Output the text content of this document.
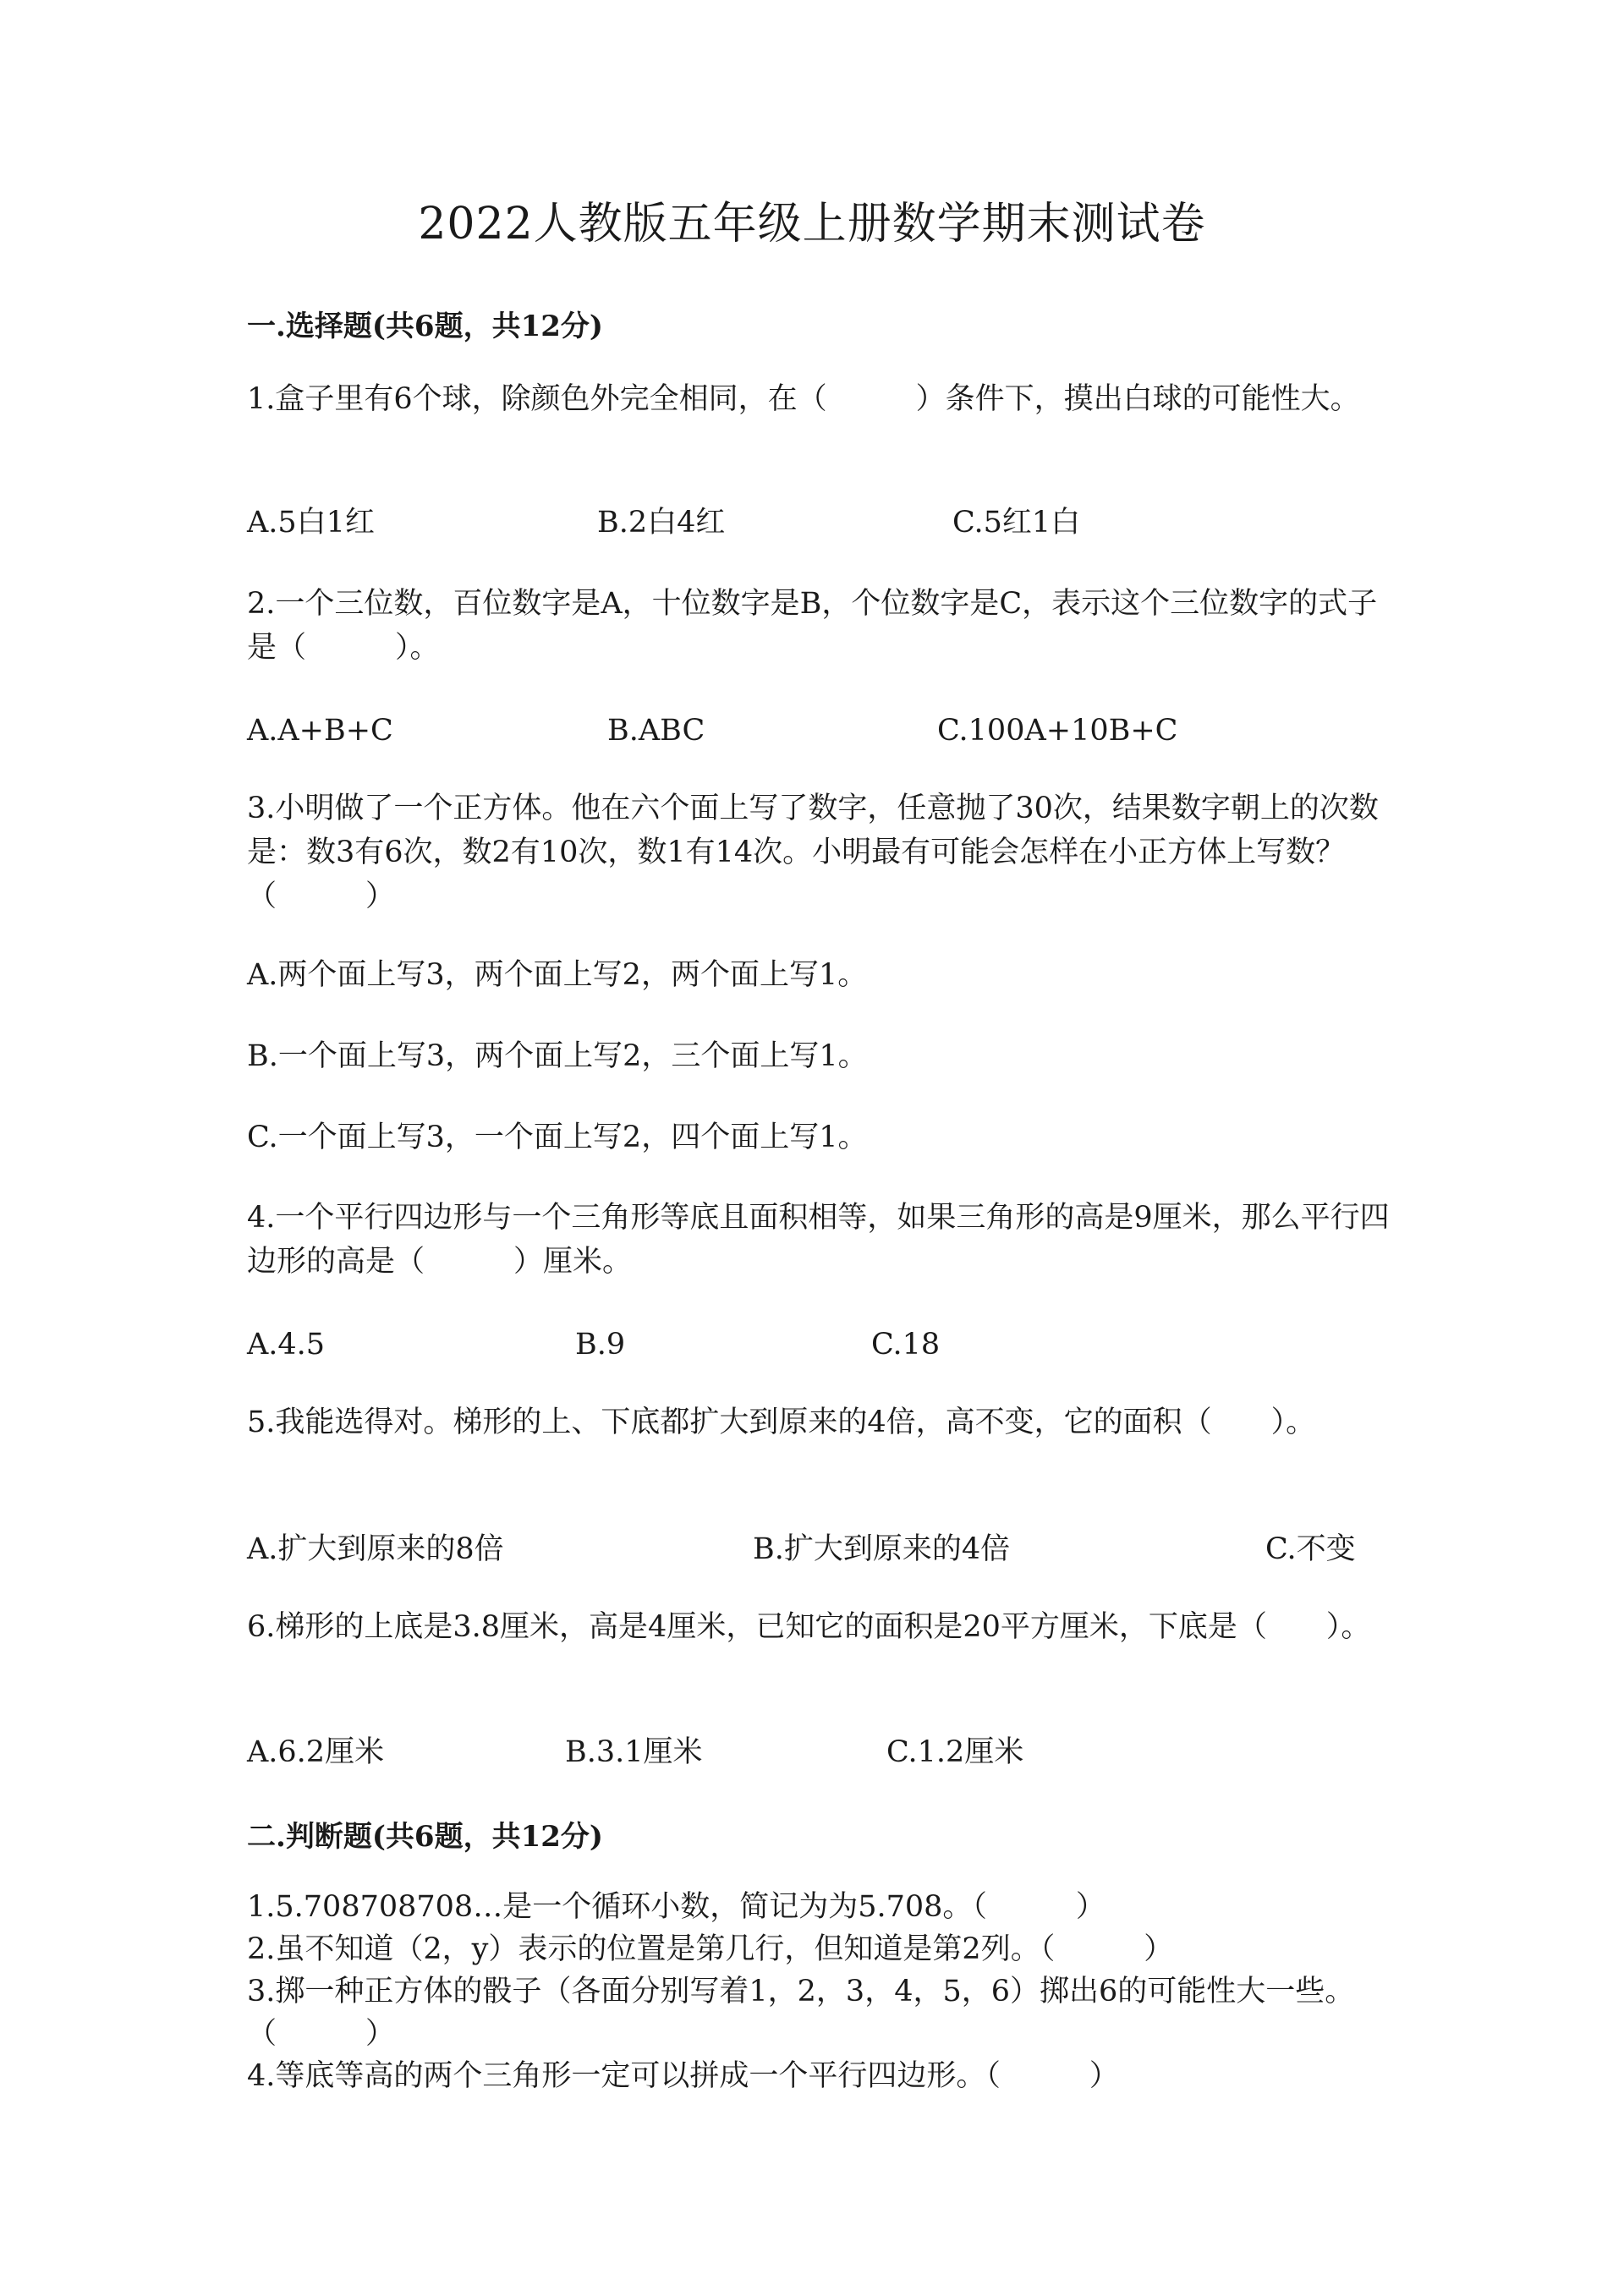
2022人教版五年级上册数学期末测试卷
一.选择题(共6题，共12分)

1.盒子里有6个球，除颜色外完全相同，在（　　　）条件下，摸出白球的可能性大。

A.5白1红	B.2白4红	C.5红1白

2.一个三位数，百位数字是A，十位数字是B，个位数字是C，表示这个三位数字的式子是（　　　）。

A.A+B+C	B.ABC	C.100A+10B+C

3.小明做了一个正方体。他在六个面上写了数字，任意抛了30次，结果数字朝上的次数是：数3有6次，数2有10次，数1有14次。小明最有可能会怎样在小正方体上写数？（　　　）

A.两个面上写3，两个面上写2，两个面上写1。

B.一个面上写3，两个面上写2，三个面上写1。

C.一个面上写3，一个面上写2，四个面上写1。

4.一个平行四边形与一个三角形等底且面积相等，如果三角形的高是9厘米，那么平行四边形的高是（　　　）厘米。

A.4.5	B.9	C.18

5.我能选得对。梯形的上、下底都扩大到原来的4倍，高不变，它的面积（　　）。

A.扩大到原来的8倍	B.扩大到原来的4倍	C.不变

6.梯形的上底是3.8厘米，高是4厘米，已知它的面积是20平方厘米，下底是（　　）。

A.6.2厘米	B.3.1厘米	C.1.2厘米
二.判断题(共6题，共12分)

1.5.708708708…是一个循环小数，简记为为5.708。（　　　）

2.虽不知道（2，y）表示的位置是第几行，但知道是第2列。（　　　）

3.掷一种正方体的骰子（各面分别写着1，2，3，4，5，6）掷出6的可能性大一些。（　　　）

4.等底等高的两个三角形一定可以拼成一个平行四边形。（　　　）
